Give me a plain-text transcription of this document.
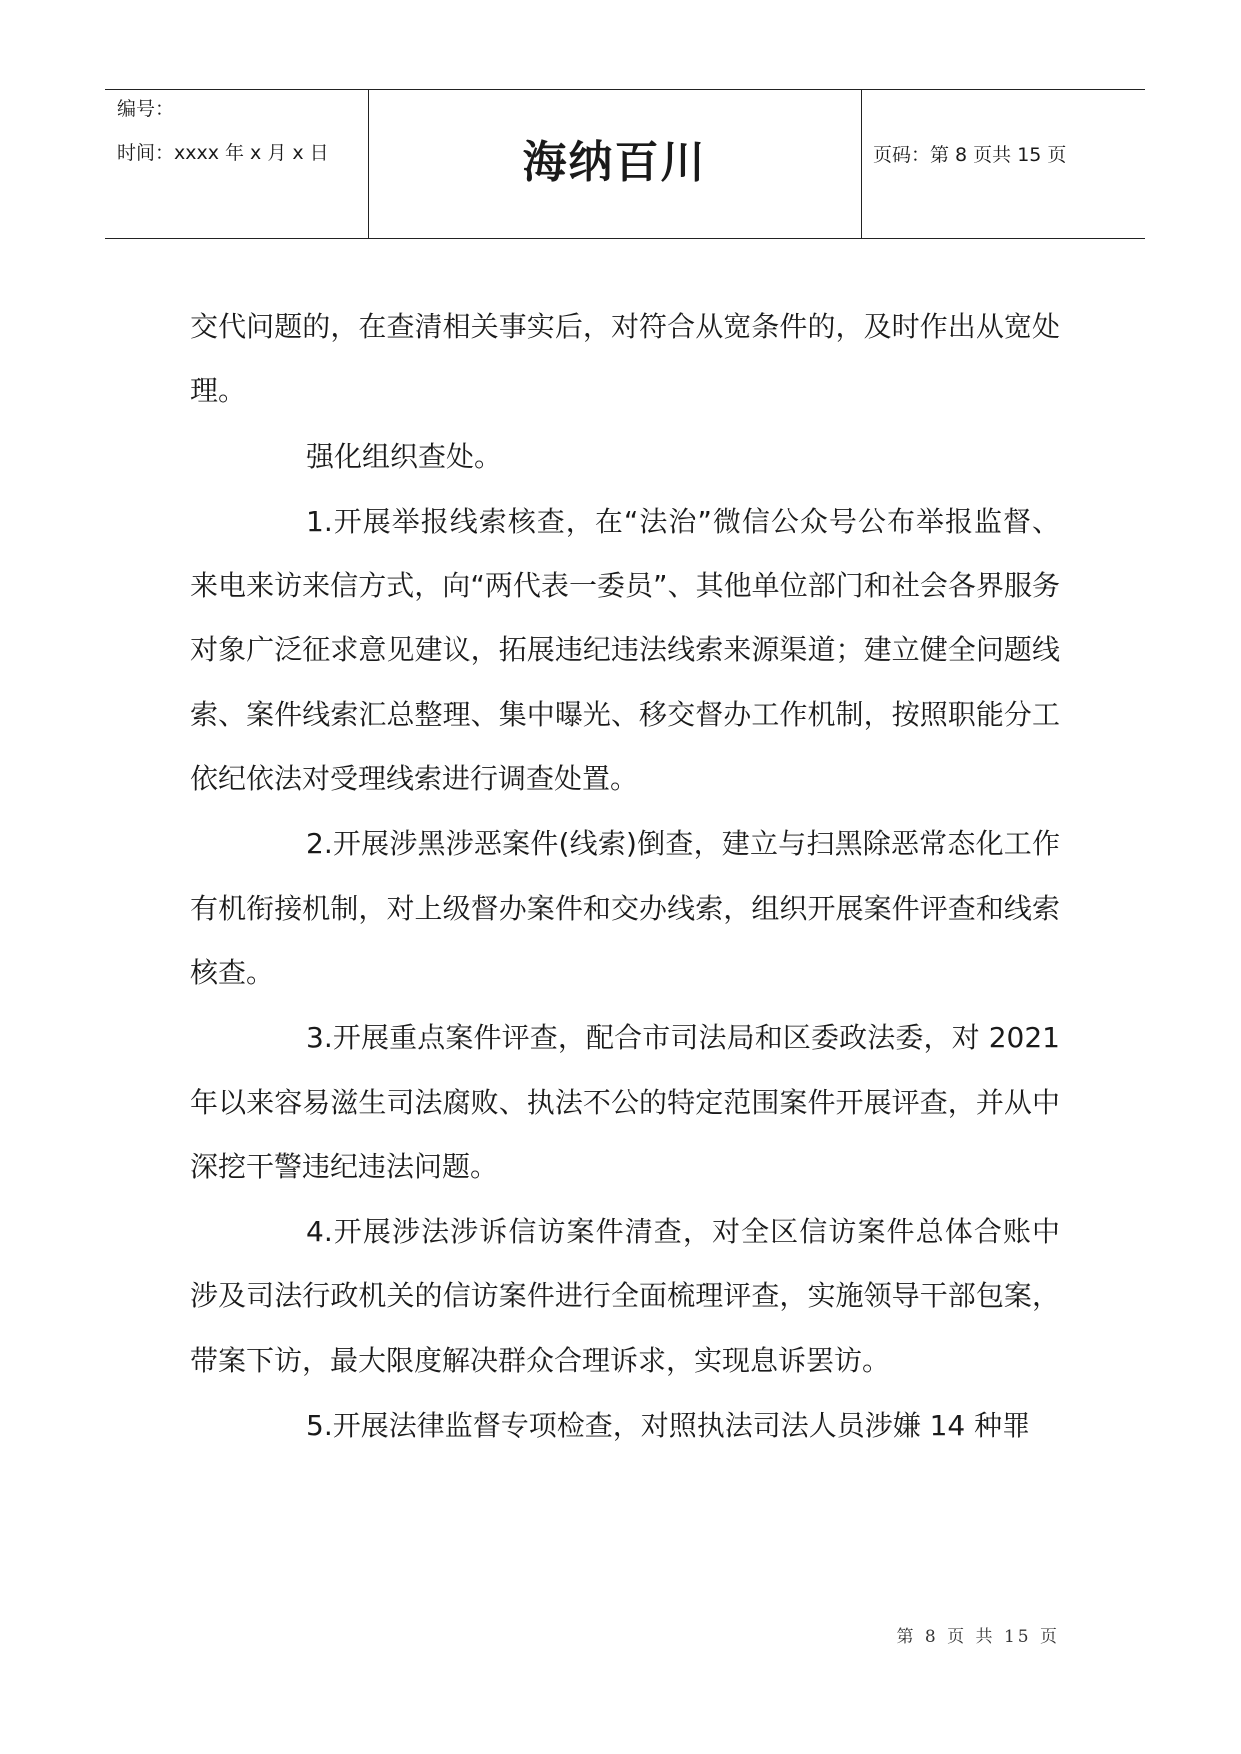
编号：
时间：xxxx 年 x 月 x 日	海纳百川	页码：第 8 页共 15 页

交代问题的，在查清相关事实后，对符合从宽条件的，及时作出从宽处理。

强化组织查处。

1.开展举报线索核查，在“法治”微信公众号公布举报监督、来电来访来信方式，向“两代表一委员”、其他单位部门和社会各界服务对象广泛征求意见建议，拓展违纪违法线索来源渠道；建立健全问题线索、案件线索汇总整理、集中曝光、移交督办工作机制，按照职能分工依纪依法对受理线索进行调查处置。

2.开展涉黑涉恶案件(线索)倒查，建立与扫黑除恶常态化工作有机衔接机制，对上级督办案件和交办线索，组织开展案件评查和线索核查。

3.开展重点案件评查，配合市司法局和区委政法委，对 2021 年以来容易滋生司法腐败、执法不公的特定范围案件开展评查，并从中深挖干警违纪违法问题。

4.开展涉法涉诉信访案件清查，对全区信访案件总体合账中涉及司法行政机关的信访案件进行全面梳理评查，实施领导干部包案，带案下访，最大限度解决群众合理诉求，实现息诉罢访。

5.开展法律监督专项检查，对照执法司法人员涉嫌 14 种罪

第 8 页 共 15 页
